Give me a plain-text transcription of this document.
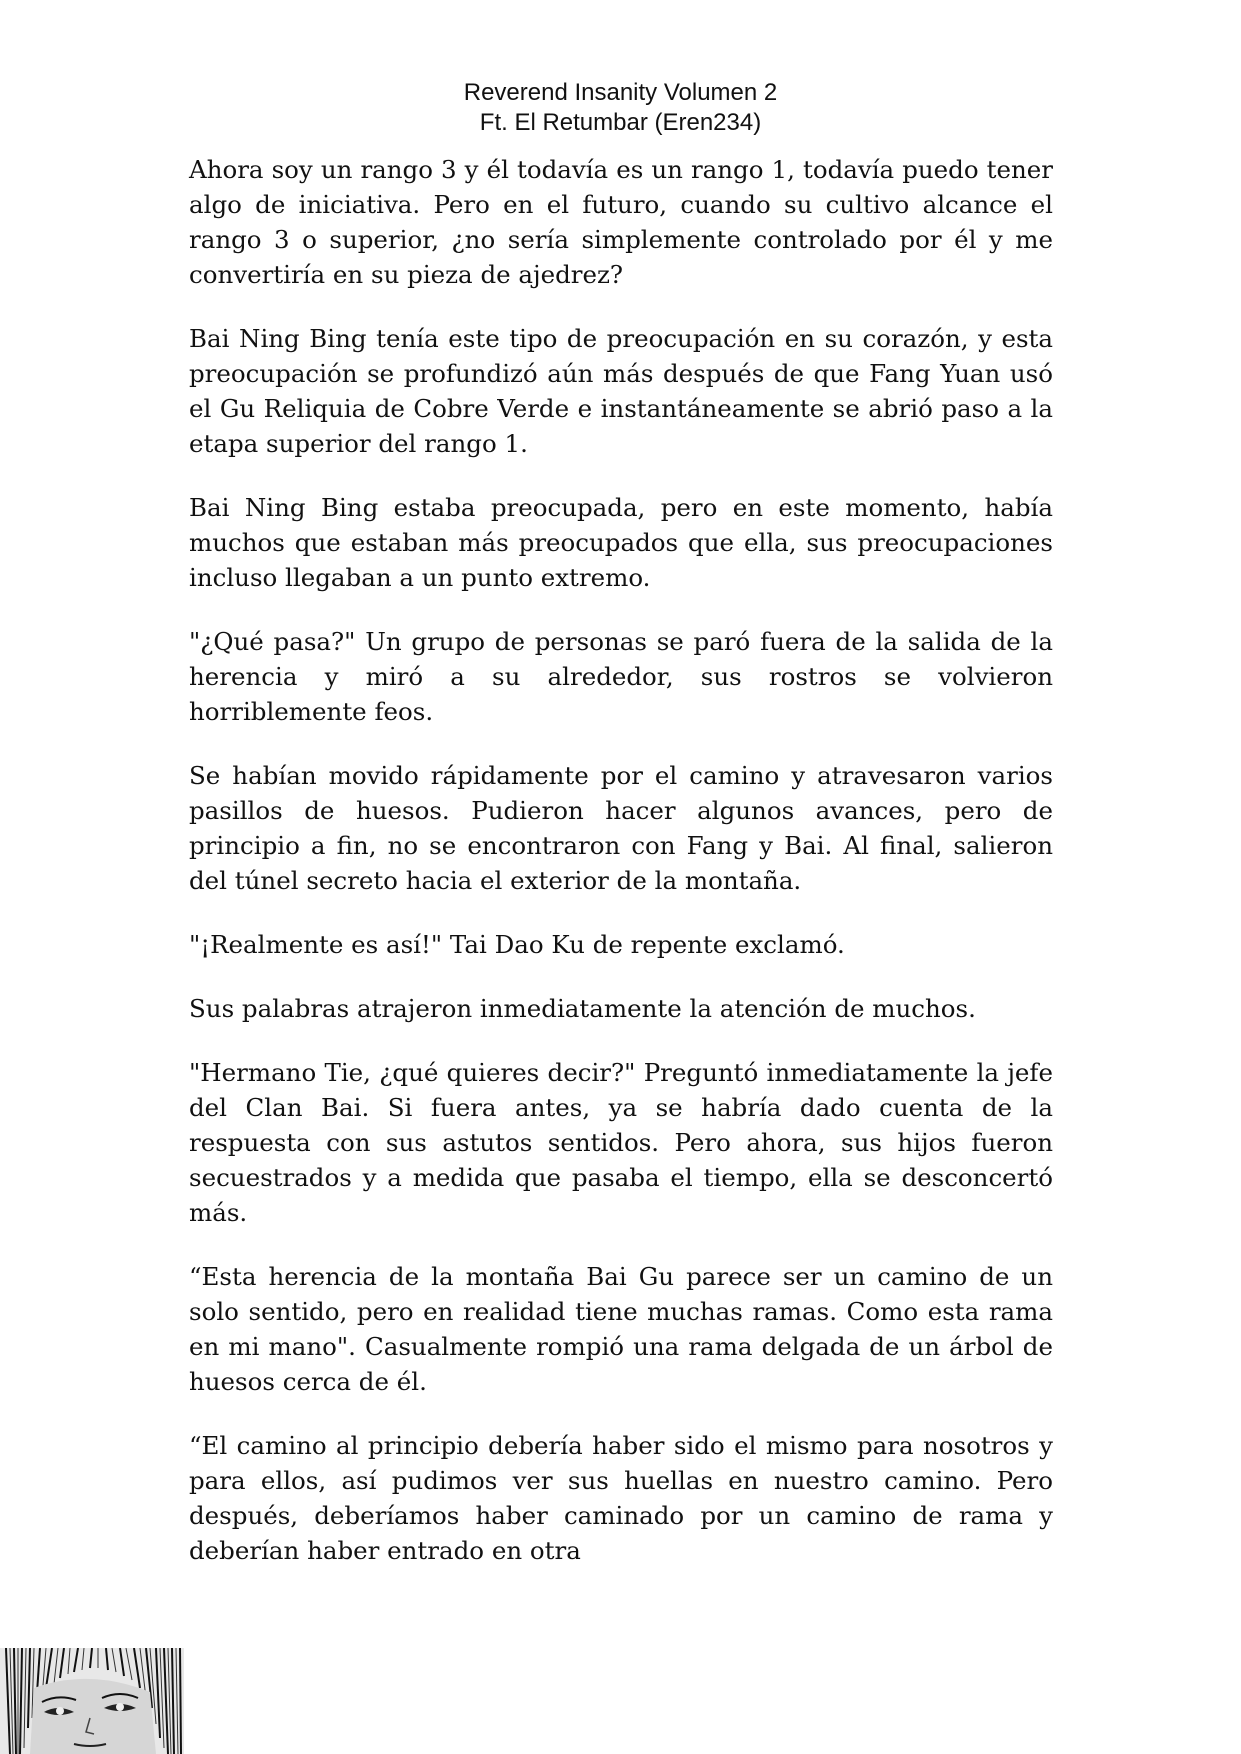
Reverend Insanity Volumen 2
Ft. El Retumbar (Eren234)

Ahora soy un rango 3 y él todavía es un rango 1, todavía puedo tener algo de iniciativa. Pero en el futuro, cuando su cultivo alcance el rango 3 o superior, ¿no sería simplemente controlado por él y me convertiría en su pieza de ajedrez?

Bai Ning Bing tenía este tipo de preocupación en su corazón, y esta preocupación se profundizó aún más después de que Fang Yuan usó el Gu Reliquia de Cobre Verde e instantáneamente se abrió paso a la etapa superior del rango 1.

Bai Ning Bing estaba preocupada, pero en este momento, había muchos que estaban más preocupados que ella, sus preocupaciones incluso llegaban a un punto extremo.

"¿Qué pasa?" Un grupo de personas se paró fuera de la salida de la herencia y miró a su alrededor, sus rostros se volvieron horriblemente feos.

Se habían movido rápidamente por el camino y atravesaron varios pasillos de huesos. Pudieron hacer algunos avances, pero de principio a fin, no se encontraron con Fang y Bai. Al final, salieron del túnel secreto hacia el exterior de la montaña.

"¡Realmente es así!" Tai Dao Ku de repente exclamó.

Sus palabras atrajeron inmediatamente la atención de muchos.

"Hermano Tie, ¿qué quieres decir?" Preguntó inmediatamente la jefe del Clan Bai. Si fuera antes, ya se habría dado cuenta de la respuesta con sus astutos sentidos. Pero ahora, sus hijos fueron secuestrados y a medida que pasaba el tiempo, ella se desconcertó más.

“Esta herencia de la montaña Bai Gu parece ser un camino de un solo sentido, pero en realidad tiene muchas ramas. Como esta rama en mi mano". Casualmente rompió una rama delgada de un árbol de huesos cerca de él.

“El camino al principio debería haber sido el mismo para nosotros y para ellos, así pudimos ver sus huellas en nuestro camino. Pero después, deberíamos haber caminado por un camino de rama y deberían haber entrado en otra
